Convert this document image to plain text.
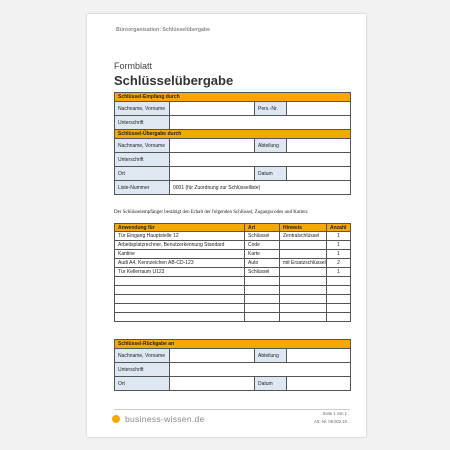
Büroorganisation: Schlüsselübergabe
Formblatt
Schlüsselübergabe
Schlüssel-Empfang durch			
Nachname, Vorname		Pers.-Nr.	
Unterschrift			
Schlüssel-Übergabe durch			
Nachname, Vorname		Abteilung	
Unterschrift			
Ort		Datum	
Liste-Nummer	0001 (für Zuordnung zur Schlüsselliste)		
Der Schlüsselempfänger bestätigt den Erhalt der folgenden Schlüssel, Zugangscodes und Karten:
Anwendung für	Art	Hinweis	Anzahl
Tür Eingang Hauptstelle 12	Schlüssel	Zentralschlüssel	1
Arbeitsplatzrechner, Benutzerkennung Standard	Code		1
Kantine	Karte		1
Audi A4, Kennzeichen AB-CD-123	Auto	mit Ersatzschlüssel	2
Tür Kellerraum U123	Schlüssel		1

Schlüssel-Rückgabe an			
Nachname, Vorname		Abteilung	
Unterschrift			
Ort		Datum	
business-wissen.de
Seite 1 von 1
Art.-Nr. 06.002.10
